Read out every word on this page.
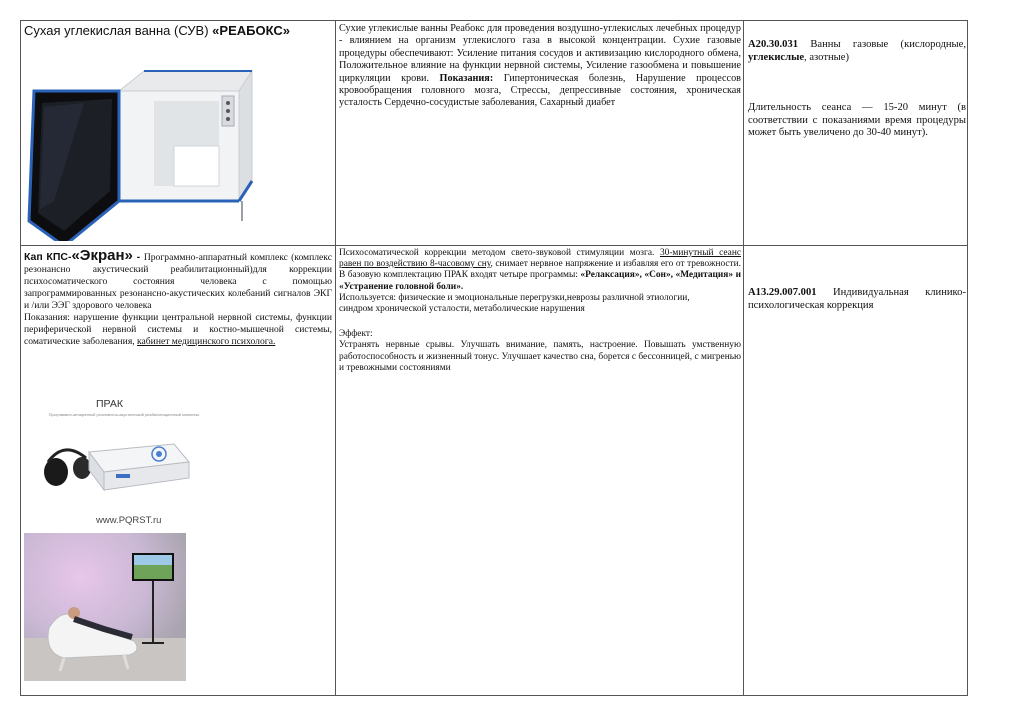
Сухая углекислая ванна (СУВ) «РЕАБОКС»	Сухие углекислые ванны Реабокс для проведения воздушно-углекислых лечебных процедур - влиянием на организм углекислого газа в высокой концентрации. Сухие газовые процедуры обеспечивают: Усиление питания сосудов и активизацию кислородного обмена, Положительное влияние на функции нервной системы, Усиление газообмена и повышение циркуляции крови. Показания: Гипертоническая болезнь, Нарушение процессов кровообращения головного мозга, Стрессы, депрессивные состояния, хроническая усталость Сердечно-сосудистые заболевания, Сахарный диабет

A20.30.031 Ванны газовые (кислородные, углекислые, азотные)

Длительность сеанса — 15-20 минут (в соответствии с показаниями время процедуры может быть увеличено до 30-40 минут).

Кап КПС-«Экран» - Программно-аппаратный комплекс (комплекс резонансно акустический реабилитационный)для коррекции психосоматического состояния человека с помощью запрограммированных резонансно-акустических колебаний сигналов ЭКГ и /или ЭЭГ здорового человека

Показания: нарушение функции центральной нервной системы, функции периферической нервной системы и костно-мышечной системы, соматические заболевания, кабинет медицинского психолога.

ПРАК
Программно-аппаратный резонансно-акустический реабилитационный комплекс
www.PQRST.ru

Психосоматической коррекции методом свето-звуковой стимуляции мозга. 30-минутный сеанс равен по воздействию 8-часовому сну, снимает нервное напряжение и избавляя его от тревожности. В базовую комплектацию ПРАК входят четыре программы: «Релаксация», «Сон», «Медитация» и «Устранение головной боли».

Используется: физические и эмоциональные перегрузки,неврозы различной этиологии,

синдром хронической усталости, метаболические нарушения

Эффект:

Устранять нервные срывы. Улучшать внимание, память, настроение. Повышать умственную работоспособность и жизненный тонус. Улучшает качество сна, борется с бессонницей, с мигренью и тревожными состояниями

A13.29.007.001 Индивидуальная клинико-психологическая коррекция
